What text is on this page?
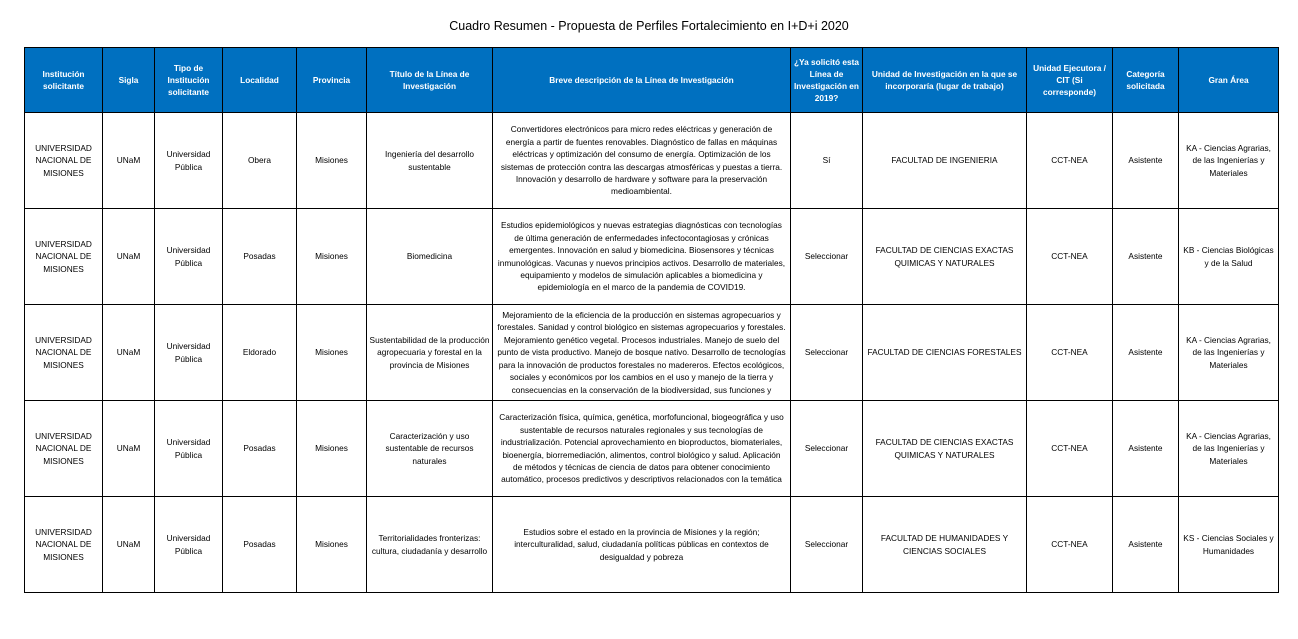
Cuadro Resumen - Propuesta de Perfiles Fortalecimiento en I+D+i 2020
Institución solicitante	Sigla	Tipo de Institución solicitante	Localidad	Provincia	Título de la Línea de Investigación	Breve descripción de la Línea de Investigación	¿Ya solicitó esta Línea de Investigación en 2019?	Unidad de Investigación en la que se incorporaría (lugar de trabajo)	Unidad Ejecutora / CIT (Si corresponde)	Categoría solicitada	Gran Área

UNIVERSIDAD NACIONAL DE MISIONES	UNaM	Universidad Pública	Obera	Misiones	Ingeniería del desarrollo sustentable	Convertidores electrónicos para micro redes eléctricas y generación de energía a partir de fuentes renovables. Diagnóstico de fallas en máquinas eléctricas y optimización del consumo de energía. Optimización de los sistemas de protección contra las descargas atmosféricas y puestas a tierra. Innovación y desarrollo de hardware y software para la preservación medioambiental.	Sí	FACULTAD DE INGENIERIA	CCT-NEA	Asistente	KA - Ciencias Agrarias, de las Ingenierías y Materiales

UNIVERSIDAD NACIONAL DE MISIONES	UNaM	Universidad Pública	Posadas	Misiones	Biomedicina	Estudios epidemiológicos y nuevas estrategias diagnósticas con tecnologías de última generación de enfermedades infectocontagiosas y crónicas emergentes. Innovación en salud y biomedicina. Biosensores y técnicas inmunológicas. Vacunas y nuevos principios activos. Desarrollo de materiales, equipamiento y modelos de simulación aplicables a biomedicina y epidemiología en el marco de la pandemia de COVID19.	Seleccionar	FACULTAD DE CIENCIAS EXACTAS QUIMICAS Y NATURALES	CCT-NEA	Asistente	KB - Ciencias Biológicas y de la Salud

UNIVERSIDAD NACIONAL DE MISIONES	UNaM	Universidad Pública	Eldorado	Misiones	Sustentabilidad de la producción agropecuaria y forestal en la provincia de Misiones	Mejoramiento de la eficiencia de la producción en sistemas agropecuarios y forestales. Sanidad y control biológico en sistemas agropecuarios y forestales. Mejoramiento genético vegetal. Procesos industriales. Manejo de suelo del punto de vista productivo. Manejo de bosque nativo. Desarrollo de tecnologías para la innovación de productos forestales no madereros. Efectos ecológicos, sociales y económicos por los cambios en el uso y manejo de la tierra y consecuencias en la conservación de la biodiversidad, sus funciones y	Seleccionar	FACULTAD DE CIENCIAS FORESTALES	CCT-NEA	Asistente	KA - Ciencias Agrarias, de las Ingenierías y Materiales

UNIVERSIDAD NACIONAL DE MISIONES	UNaM	Universidad Pública	Posadas	Misiones	Caracterización y uso sustentable de recursos naturales	Caracterización física, química, genética, morfofuncional, biogeográfica y uso sustentable de recursos naturales regionales y sus tecnologías de industrialización. Potencial aprovechamiento en bioproductos, biomateriales, bioenergía, biorremediación, alimentos, control biológico y salud. Aplicación de métodos y técnicas de ciencia de datos para obtener conocimiento automático, procesos predictivos y descriptivos relacionados con la temática	Seleccionar	FACULTAD DE CIENCIAS EXACTAS QUIMICAS Y NATURALES	CCT-NEA	Asistente	KA - Ciencias Agrarias, de las Ingenierías y Materiales

UNIVERSIDAD NACIONAL DE MISIONES	UNaM	Universidad Pública	Posadas	Misiones	Territorialidades fronterizas: cultura, ciudadanía y desarrollo	Estudios sobre el estado en la provincia de Misiones y la región; interculturalidad, salud, ciudadanía políticas públicas en contextos de desigualdad y pobreza	Seleccionar	FACULTAD DE HUMANIDADES Y CIENCIAS SOCIALES	CCT-NEA	Asistente	KS - Ciencias Sociales y Humanidades
